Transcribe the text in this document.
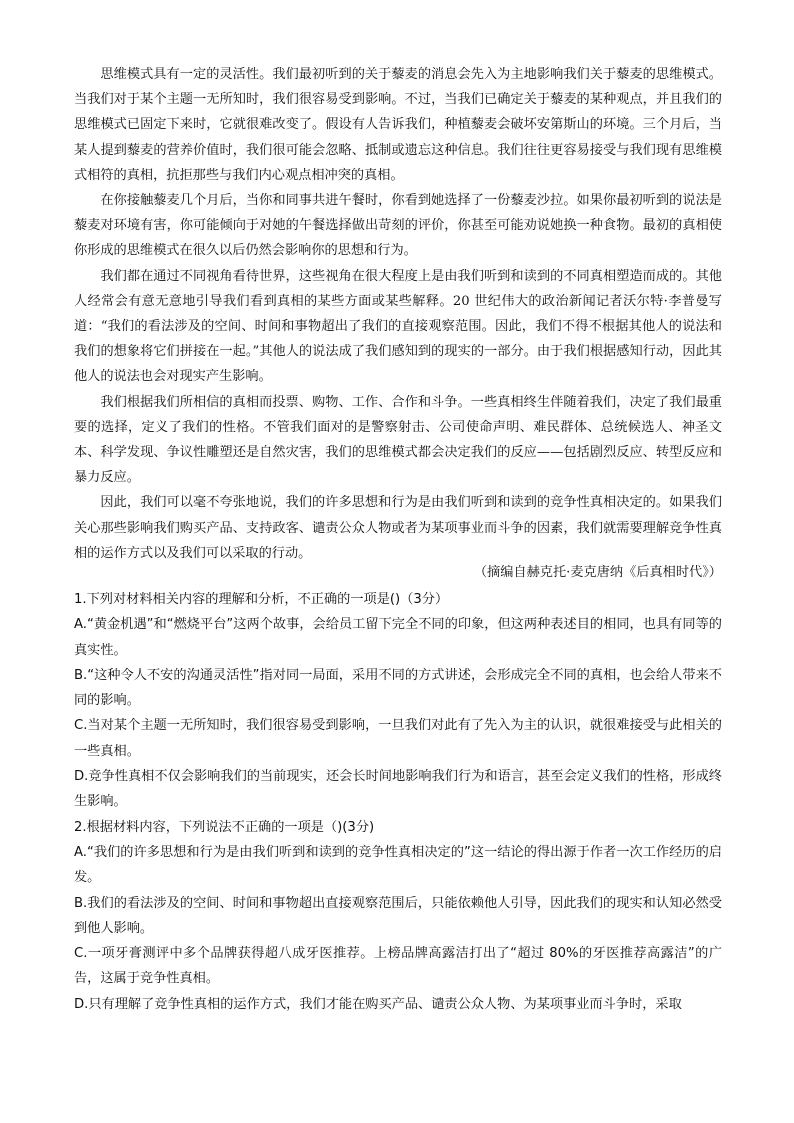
思维模式具有一定的灵活性。我们最初听到的关于藜麦的消息会先入为主地影响我们关于藜麦的思维模式。当我们对于某个主题一无所知时，我们很容易受到影响。不过，当我们已确定关于藜麦的某种观点，并且我们的思维模式已固定下来时，它就很难改变了。假设有人告诉我们，种植藜麦会破坏安第斯山的环境。三个月后，当某人提到藜麦的营养价值时，我们很可能会忽略、抵制或遗忘这种信息。我们往往更容易接受与我们现有思维模式相符的真相，抗拒那些与我们内心观点相冲突的真相。

在你接触藜麦几个月后，当你和同事共进午餐时，你看到她选择了一份藜麦沙拉。如果你最初听到的说法是藜麦对环境有害，你可能倾向于对她的午餐选择做出苛刻的评价，你甚至可能劝说她换一种食物。最初的真相使你形成的思维模式在很久以后仍然会影响你的思想和行为。

我们都在通过不同视角看待世界，这些视角在很大程度上是由我们听到和读到的不同真相塑造而成的。其他人经常会有意无意地引导我们看到真相的某些方面或某些解释。20 世纪伟大的政治新闻记者沃尔特·李普曼写道：“我们的看法涉及的空间、时间和事物超出了我们的直接观察范围。因此，我们不得不根据其他人的说法和我们的想象将它们拼接在一起。”其他人的说法成了我们感知到的现实的一部分。由于我们根据感知行动，因此其他人的说法也会对现实产生影响。

我们根据我们所相信的真相而投票、购物、工作、合作和斗争。一些真相终生伴随着我们，决定了我们最重要的选择，定义了我们的性格。不管我们面对的是警察射击、公司使命声明、难民群体、总统候选人、神圣文本、科学发现、争议性雕塑还是自然灾害，我们的思维模式都会决定我们的反应——包括剧烈反应、转型反应和暴力反应。

因此，我们可以毫不夸张地说，我们的许多思想和行为是由我们听到和读到的竞争性真相决定的。如果我们关心那些影响我们购买产品、支持政客、谴责公众人物或者为某项事业而斗争的因素，我们就需要理解竞争性真相的运作方式以及我们可以采取的行动。

（摘编自赫克托·麦克唐纳《后真相时代》）

1.下列对材料相关内容的理解和分析，不正确的一项是()（3分）

A.“黄金机遇”和“燃烧平台”这两个故事，会给员工留下完全不同的印象，但这两种表述目的相同，也具有同等的真实性。

B.“这种令人不安的沟通灵活性”指对同一局面，采用不同的方式讲述，会形成完全不同的真相，也会给人带来不同的影响。

C.当对某个主题一无所知时，我们很容易受到影响，一旦我们对此有了先入为主的认识，就很难接受与此相关的一些真相。

D.竞争性真相不仅会影响我们的当前现实，还会长时间地影响我们行为和语言，甚至会定义我们的性格，形成终生影响。

2.根据材料内容，下列说法不正确的一项是（)(3分)

A.“我们的许多思想和行为是由我们听到和读到的竞争性真相决定的”这一结论的得出源于作者一次工作经历的启发。

B.我们的看法涉及的空间、时间和事物超出直接观察范围后，只能依赖他人引导，因此我们的现实和认知必然受到他人影响。

C.一项牙膏测评中多个品牌获得超八成牙医推荐。上榜品牌高露洁打出了“超过 80%的牙医推荐高露洁”的广告，这属于竞争性真相。

D.只有理解了竞争性真相的运作方式，我们才能在购买产品、谴责公众人物、为某项事业而斗争时，采取
